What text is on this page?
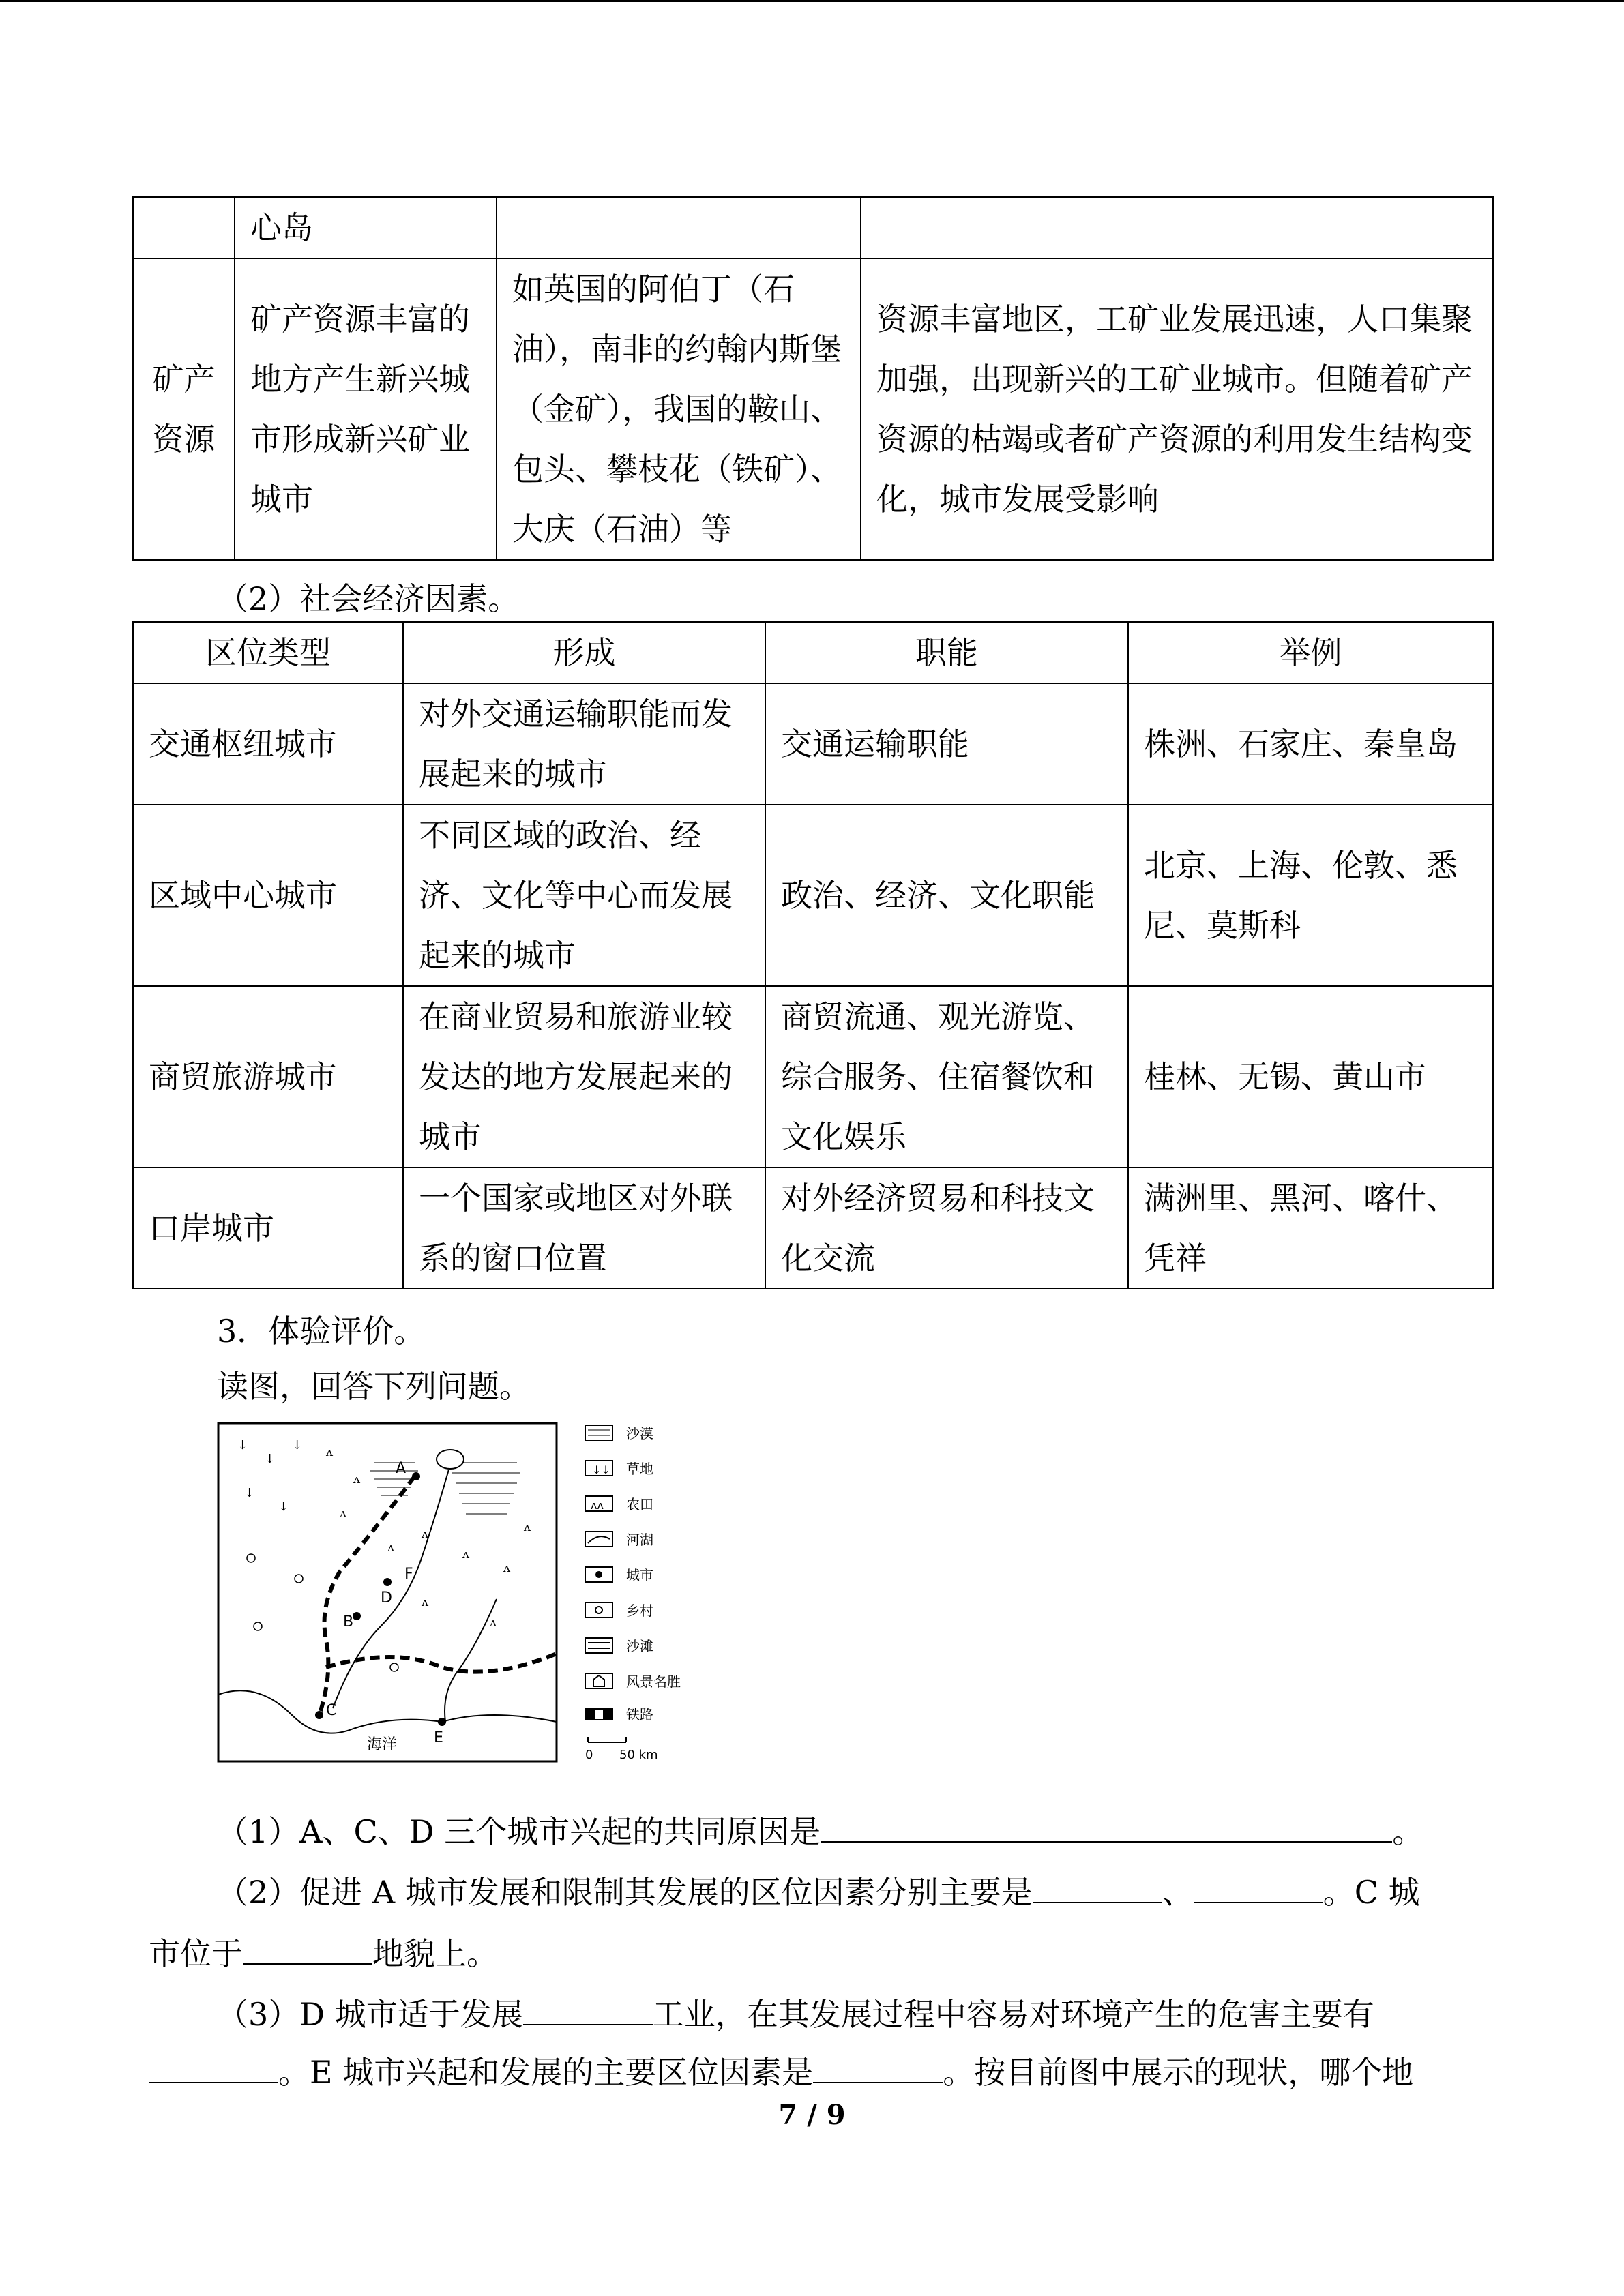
	心岛		
矿产资源	矿产资源丰富的地方产生新兴城市形成新兴矿业城市	如英国的阿伯丁（石油），南非的约翰内斯堡（金矿），我国的鞍山、包头、攀枝花（铁矿）、大庆（石油）等	资源丰富地区，工矿业发展迅速，人口集聚加强，出现新兴的工矿业城市。但随着矿产资源的枯竭或者矿产资源的利用发生结构变化，城市发展受影响
（2）社会经济因素。
区位类型	形成	职能	举例
交通枢纽城市	对外交通运输职能而发展起来的城市	交通运输职能	株洲、石家庄、秦皇岛
区域中心城市	不同区域的政治、经济、文化等中心而发展起来的城市	政治、经济、文化职能	北京、上海、伦敦、悉尼、莫斯科
商贸旅游城市	在商业贸易和旅游业较发达的地方发展起来的城市	商贸流通、观光游览、综合服务、住宿餐饮和文化娱乐	桂林、无锡、黄山市
口岸城市	一个国家或地区对外联系的窗口位置	对外经济贸易和科技文化交流	满洲里、黑河、喀什、凭祥
3．体验评价。
读图，回答下列问题。
↓
↓
↓
↓
↓
ᴧ
ᴧ
ᴧ
ᴧ
ᴧ
ᴧ
ᴧ
ᴧ
ᴧ
ᴧ
A
B
C
D
E
F
海洋
沙漠
↓↓ 草地
ᴧᴧ 农田
河湖
城市
乡村
沙滩
风景名胜
铁路
0 50 km
（1）A、C、D 三个城市兴起的共同原因是	。
（2）促进 A 城市发展和限制其发展的区位因素分别主要是	、	。C 城
市位于	地貌上。
（3）D 城市适于发展	工业，在其发展过程中容易对环境产生的危害主要有
。E 城市兴起和发展的主要区位因素是	。按目前图中展示的现状，哪个地
7 / 9
